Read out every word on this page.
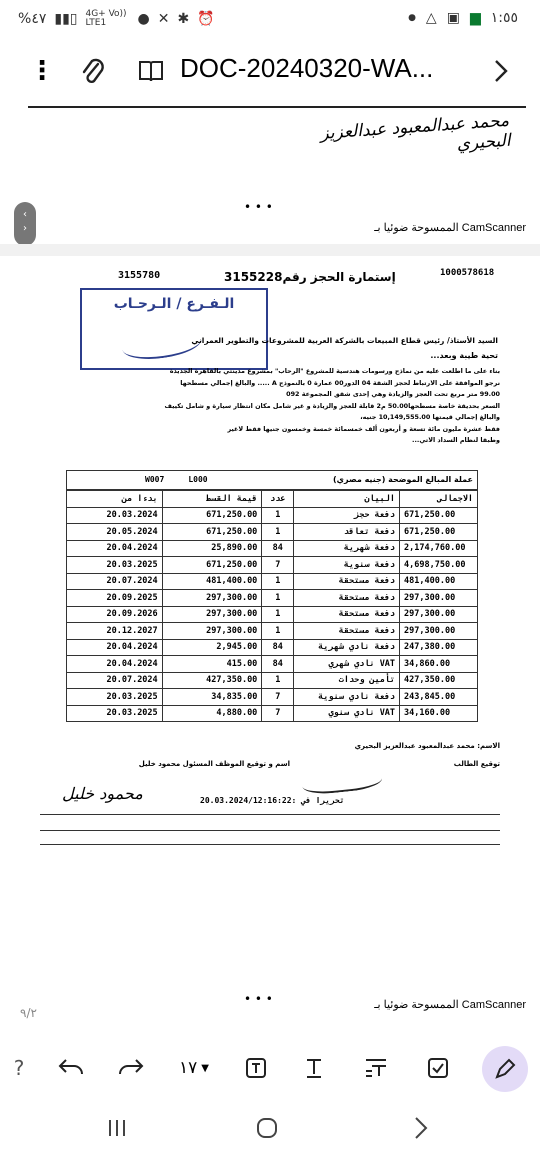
%٤٧ ▮▮▯ 4G+ Vo)) LTE1	● ✕ ✱ ⏰	● △ ▣ ▆ ١:٥٥
⋮	DOC-20240320-WA...
محمد عبدالمعبود عبدالعزيز البحيري
• • •
الممسوحة ضوئيا بـ CamScanner
‹
›
1000578618
إستمارة الحجز رقم3155228
3155780
الـفـرع / الـرحـاب
السيد الأستاذ/ رئيس قطاع المبيعات بالشركة العربية للمشروعات والتطوير العمراني
تحية طيبة وبعد...
بناء على ما اطلعت عليه من نماذج ورسومات هندسية للمشروع "الرحاب" بمشروع مدينتي بالقاهرة الجديدة
نرجو الموافقة على الارتباط لحجز الشقة 04 الدور00 عمارة 0 بالنموذج A ..... والبالغ إجمالي مسطحها
99.00 متر مربع تحت العجز والزيادة وهي إحدى شقق المجموعة 092
السعر بحديقة خاصة مسطحها50.00 م2 قابلة للعجز والزيادة و غير شامل مكان انتظار سيارة و شامل تكييف
والبالغ إجمالي قيمتها 10,149,555.00 جنيه،
فقط عشرة مليون مائة تسعة و أربعون ألف خمسمائة خمسة وخمسون جنيها فقط لاغير
وطبقا لنظام السداد الاتي...
W007     L000	عملة المبالغ الموضحة (جنيه مصري)
بدءا من	قيمة القسط	عدد	البيان	الاجمالى
20.03.2024	671,250.00	1	دفعة حجز	671,250.00
20.05.2024	671,250.00	1	دفعة تعاقد	671,250.00
20.04.2024	25,890.00	84	دفعة شهرية	2,174,760.00
20.03.2025	671,250.00	7	دفعة سنوية	4,698,750.00
20.07.2024	481,400.00	1	دفعة مستحقة	481,400.00
20.09.2025	297,300.00	1	دفعة مستحقة	297,300.00
20.09.2026	297,300.00	1	دفعة مستحقة	297,300.00
20.12.2027	297,300.00	1	دفعة مستحقة	297,300.00
20.04.2024	2,945.00	84	دفعة نادي شهرية	247,380.00
20.04.2024	415.00	84	VAT نادي شهري	34,860.00
20.07.2024	427,350.00	1	تأمين وحدات	427,350.00
20.03.2025	34,835.00	7	دفعة نادي سنوية	243,845.00
20.03.2025	4,880.00	7	VAT نادي سنوي	34,160.00
الاسم: محمد عبدالمعبود عبدالعزيز البحيري
توقيع الطالب
اسم و توقيع الموظف المسئول محمود خليل
محمود خليل	تحريرا في :20.03.2024/12:16:22
• • •	الممسوحة ضوئيا بـ CamScanner
٩/٢
?	١٧ ▼
